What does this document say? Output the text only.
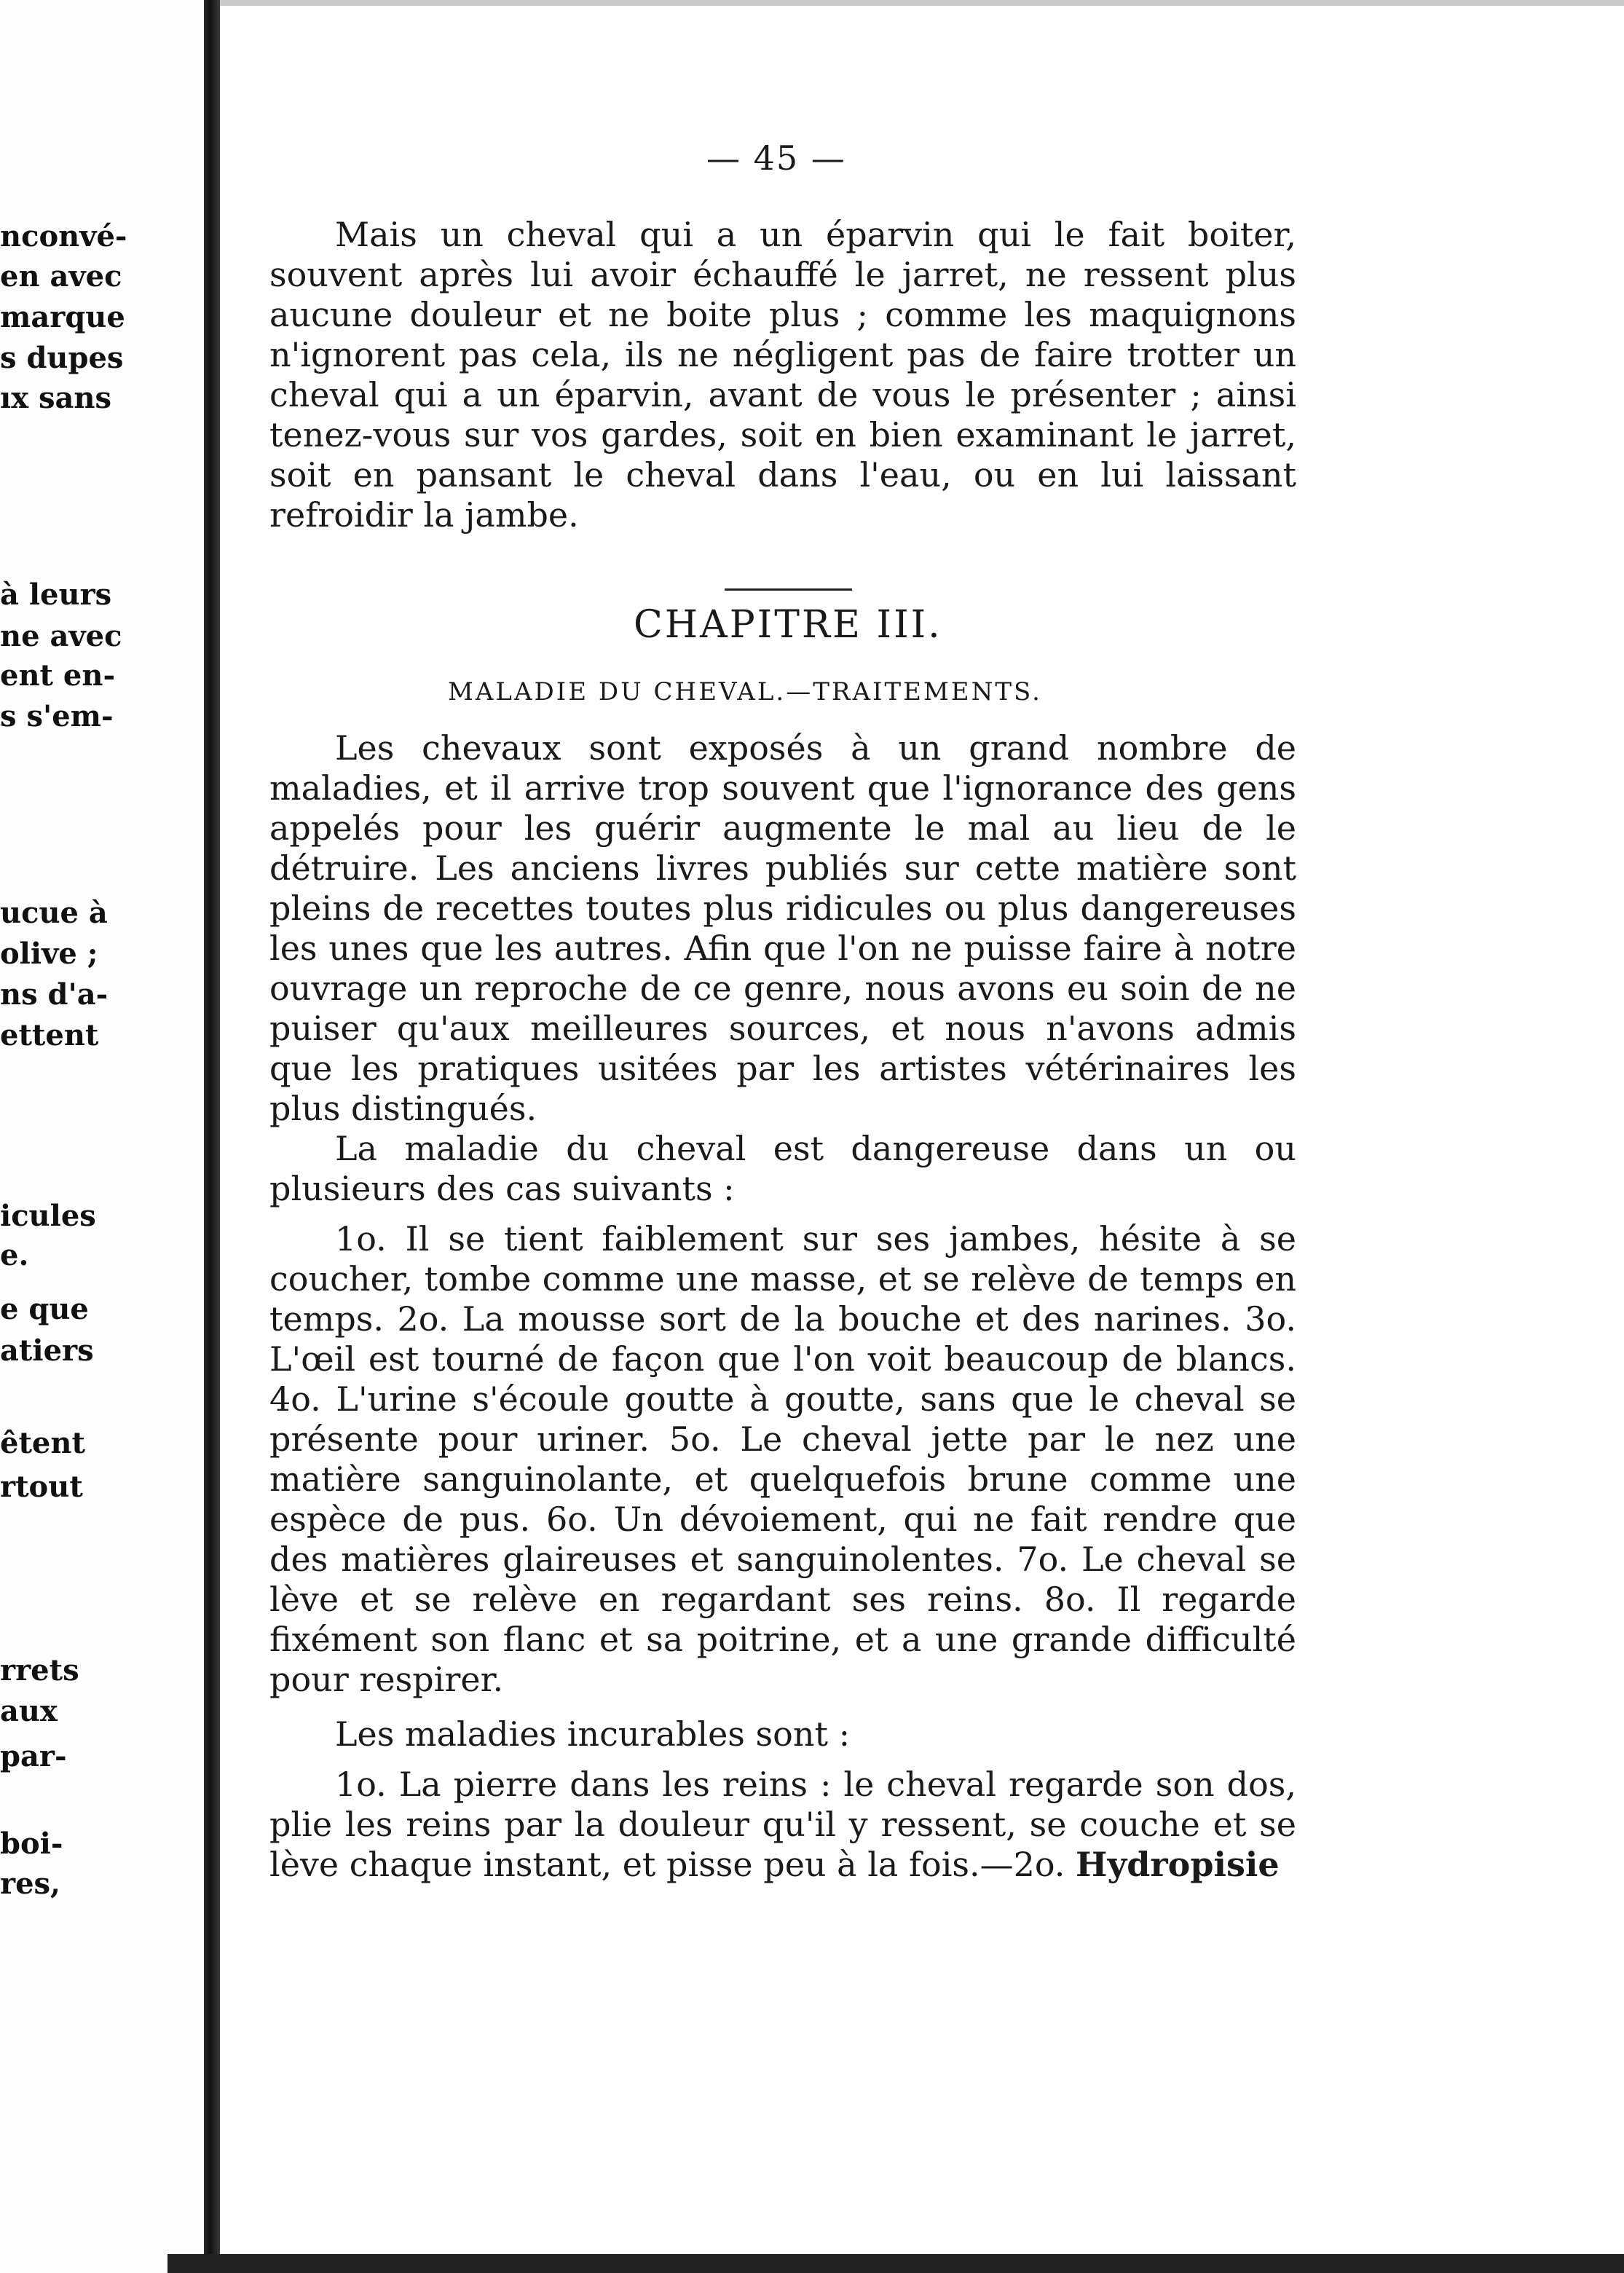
nconvé-
en avec
marque
s dupes
ıx sans
à leurs
ne avec
ent en-
s s'em-
ucue à
olive ;
ns d'a-
ettent
icules
e.
e que
atiers
êtent
rtout
rrets
aux
par-
boi-
res,
— 45 —

Mais un cheval qui a un éparvin qui le fait boiter, souvent après lui avoir échauffé le jarret, ne ressent plus aucune douleur et ne boite plus ; comme les maquignons n'ignorent pas cela, ils ne négligent pas de faire trotter un cheval qui a un éparvin, avant de vous le présenter ; ainsi tenez-vous sur vos gardes, soit en bien examinant le jarret, soit en pansant le cheval dans l'eau, ou en lui laissant refroidir la jambe.

CHAPITRE III.
MALADIE DU CHEVAL.—TRAITEMENTS.

Les chevaux sont exposés à un grand nombre de maladies, et il arrive trop souvent que l'ignorance des gens appelés pour les guérir augmente le mal au lieu de le détruire. Les anciens livres publiés sur cette matière sont pleins de recettes toutes plus ridicules ou plus dangereuses les unes que les autres. Afin que l'on ne puisse faire à notre ouvrage un reproche de ce genre, nous avons eu soin de ne puiser qu'aux meilleures sources, et nous n'avons admis que les pratiques usitées par les artistes vétérinaires les plus distingués.

La maladie du cheval est dangereuse dans un ou plusieurs des cas suivants :

1o. Il se tient faiblement sur ses jambes, hésite à se coucher, tombe comme une masse, et se relève de temps en temps. 2o. La mousse sort de la bouche et des narines. 3o. L'œil est tourné de façon que l'on voit beaucoup de blancs. 4o. L'urine s'écoule goutte à goutte, sans que le cheval se présente pour uriner. 5o. Le cheval jette par le nez une matière sanguinolante, et quelquefois brune comme une espèce de pus. 6o. Un dévoiement, qui ne fait rendre que des matières glaireuses et sanguinolentes. 7o. Le cheval se lève et se relève en regardant ses reins. 8o. Il regarde fixément son flanc et sa poitrine, et a une grande difficulté pour respirer.

Les maladies incurables sont :

1o. La pierre dans les reins : le cheval regarde son dos, plie les reins par la douleur qu'il y ressent, se couche et se lève chaque instant, et pisse peu à la fois.—2o. Hydropisie
